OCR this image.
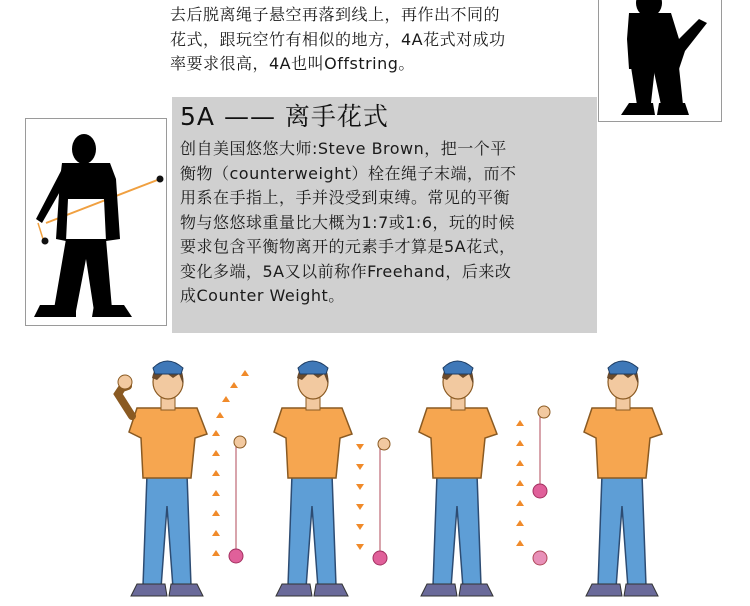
去后脱离绳子悬空再落到线上，再作出不同的
花式，跟玩空竹有相似的地方，4A花式对成功
率要求很高，4A也叫Offstring。
5A —— 离手花式
创自美国悠悠大师:Steve Brown，把一个平
衡物（counterweight）栓在绳子末端，而不
用系在手指上，手并没受到束缚。常见的平衡
物与悠悠球重量比大概为1:7或1:6，玩的时候
要求包含平衡物离开的元素手才算是5A花式，
变化多端，5A又以前称作Freehand，后来改
成Counter Weight。
